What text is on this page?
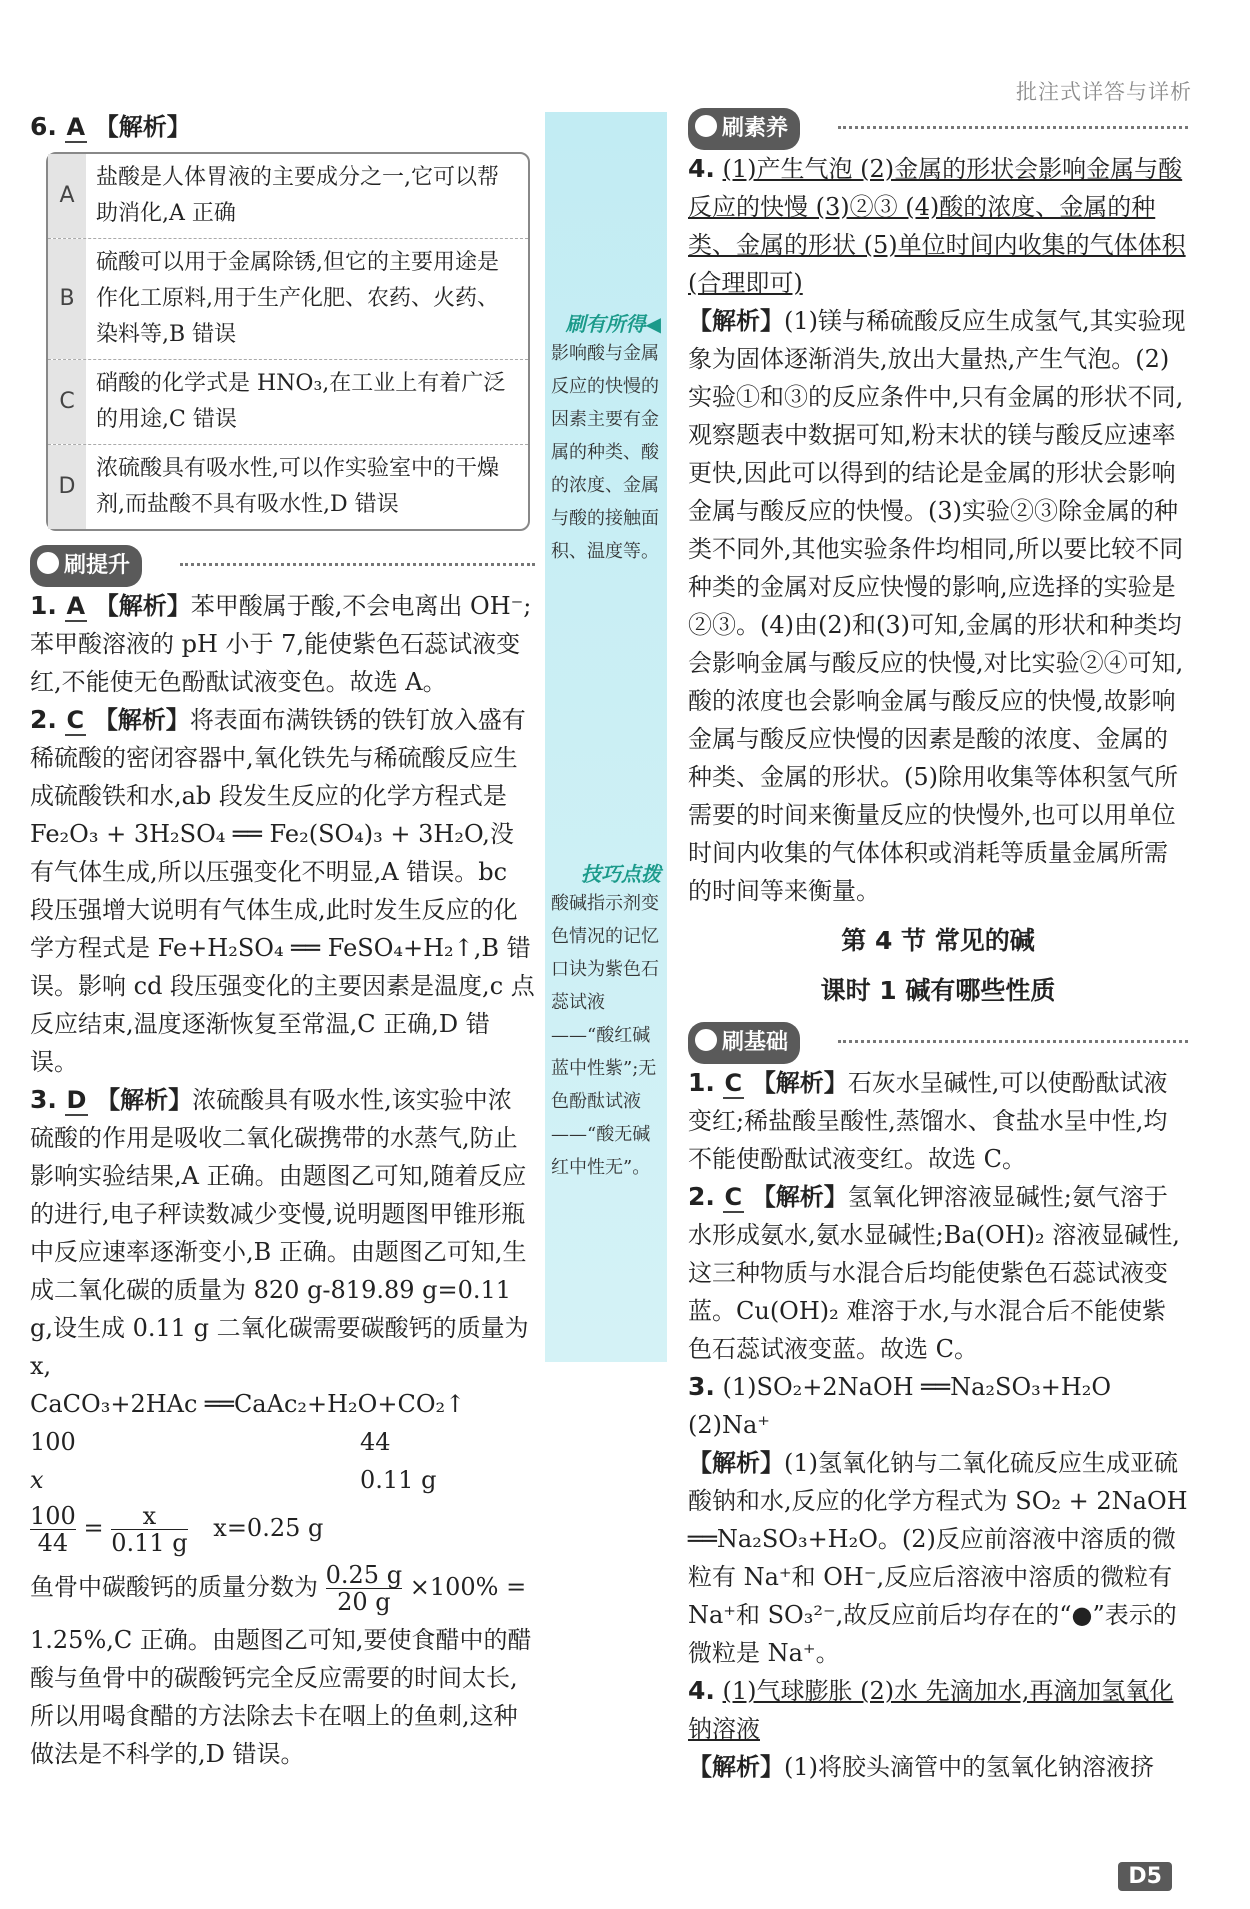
批注式详答与详析
6. A 【解析】
A
盐酸是人体胃液的主要成分之一,它可以帮助消化,A 正确
B
硫酸可以用于金属除锈,但它的主要用途是作化工原料,用于生产化肥、农药、火药、染料等,B 错误
C
硝酸的化学式是 HNO₃,在工业上有着广泛的用途,C 错误
D
浓硫酸具有吸水性,可以作实验室中的干燥剂,而盐酸不具有吸水性,D 错误
刷提升

1. A 【解析】苯甲酸属于酸,不会电离出 OH⁻;苯甲酸溶液的 pH 小于 7,能使紫色石蕊试液变红,不能使无色酚酞试液变色。故选 A。

2. C 【解析】将表面布满铁锈的铁钉放入盛有稀硫酸的密闭容器中,氧化铁先与稀硫酸反应生成硫酸铁和水,ab 段发生反应的化学方程式是 Fe₂O₃ + 3H₂SO₄ ══ Fe₂(SO₄)₃ + 3H₂O,没有气体生成,所以压强变化不明显,A 错误。bc 段压强增大说明有气体生成,此时发生反应的化学方程式是 Fe+H₂SO₄ ══ FeSO₄+H₂↑,B 错误。影响 cd 段压强变化的主要因素是温度,c 点反应结束,温度逐渐恢复至常温,C 正确,D 错误。

3. D 【解析】浓硫酸具有吸水性,该实验中浓硫酸的作用是吸收二氧化碳携带的水蒸气,防止影响实验结果,A 正确。由题图乙可知,随着反应的进行,电子秤读数减少变慢,说明题图甲锥形瓶中反应速率逐渐变小,B 正确。由题图乙可知,生成二氧化碳的质量为 820 g-819.89 g=0.11 g,设生成 0.11 g 二氧化碳需要碳酸钙的质量为 x,

CaCO₃+2HAc ══CaAc₂+H₂O+CO₂↑
100	44
x	0.11 g
$\frac{100}{44} = \frac{x}{0.11 g} x=0.25$ g
鱼骨中碳酸钙的质量分数为 $\frac{0.25 g}{20 g} \times 100\%$ =

1.25%,C 正确。由题图乙可知,要使食醋中的醋酸与鱼骨中的碳酸钙完全反应需要的时间太长,所以用喝食醋的方法除去卡在咽上的鱼刺,这种做法是不科学的,D 错误。

刷有所得◀
影响酸与金属反应的快慢的因素主要有金属的种类、酸的浓度、金属与酸的接触面积、温度等。
技巧点拨
酸碱指示剂变色情况的记忆口诀为紫色石蕊试液——“酸红碱蓝中性紫”;无色酚酞试液——“酸无碱红中性无”。
刷素养

4. (1)产生气泡 (2)金属的形状会影响金属与酸反应的快慢 (3)②③ (4)酸的浓度、金属的种类、金属的形状 (5)单位时间内收集的气体体积(合理即可)

【解析】(1)镁与稀硫酸反应生成氢气,其实验现象为固体逐渐消失,放出大量热,产生气泡。(2)实验①和③的反应条件中,只有金属的形状不同,观察题表中数据可知,粉末状的镁与酸反应速率更快,因此可以得到的结论是金属的形状会影响金属与酸反应的快慢。(3)实验②③除金属的种类不同外,其他实验条件均相同,所以要比较不同种类的金属对反应快慢的影响,应选择的实验是②③。(4)由(2)和(3)可知,金属的形状和种类均会影响金属与酸反应的快慢,对比实验②④可知,酸的浓度也会影响金属与酸反应的快慢,故影响金属与酸反应快慢的因素是酸的浓度、金属的种类、金属的形状。(5)除用收集等体积氢气所需要的时间来衡量反应的快慢外,也可以用单位时间内收集的气体体积或消耗等质量金属所需的时间等来衡量。

第 4 节 常见的碱
课时 1 碱有哪些性质
刷基础

1. C 【解析】石灰水呈碱性,可以使酚酞试液变红;稀盐酸呈酸性,蒸馏水、食盐水呈中性,均不能使酚酞试液变红。故选 C。

2. C 【解析】氢氧化钾溶液显碱性;氨气溶于水形成氨水,氨水显碱性;Ba(OH)₂ 溶液显碱性,这三种物质与水混合后均能使紫色石蕊试液变蓝。Cu(OH)₂ 难溶于水,与水混合后不能使紫色石蕊试液变蓝。故选 C。

3. (1)SO₂+2NaOH ══Na₂SO₃+H₂O (2)Na⁺

【解析】(1)氢氧化钠与二氧化硫反应生成亚硫酸钠和水,反应的化学方程式为 SO₂ + 2NaOH ══Na₂SO₃+H₂O。(2)反应前溶液中溶质的微粒有 Na⁺和 OH⁻,反应后溶液中溶质的微粒有 Na⁺和 SO₃²⁻,故反应前后均存在的“●”表示的微粒是 Na⁺。

4. (1)气球膨胀 (2)水 先滴加水,再滴加氢氧化钠溶液

【解析】(1)将胶头滴管中的氢氧化钠溶液挤

D5
